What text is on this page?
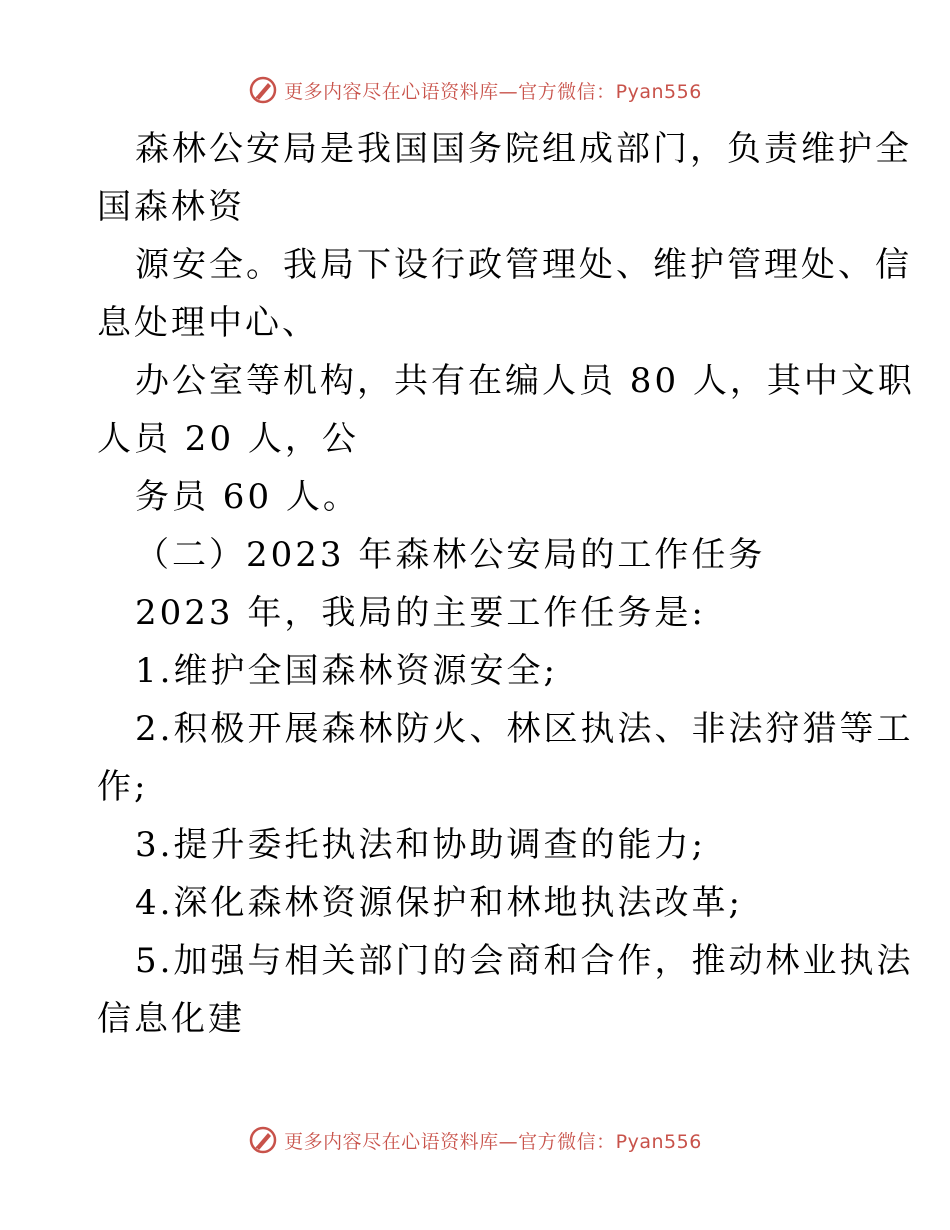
更多内容尽在心语资料库—官方微信：Pyan556
森林公安局是我国国务院组成部门，负责维护全
国森林资
源安全。我局下设行政管理处、维护管理处、信
息处理中心、
办公室等机构，共有在编人员 80 人，其中文职
人员 20 人，公
务员 60 人。
（二）2023 年森林公安局的工作任务
2023 年，我局的主要工作任务是:
1.维护全国森林资源安全;
2.积极开展森林防火、林区执法、非法狩猎等工
作;
3.提升委托执法和协助调查的能力;
4.深化森林资源保护和林地执法改革;
5.加强与相关部门的会商和合作，推动林业执法
信息化建
更多内容尽在心语资料库—官方微信：Pyan556
